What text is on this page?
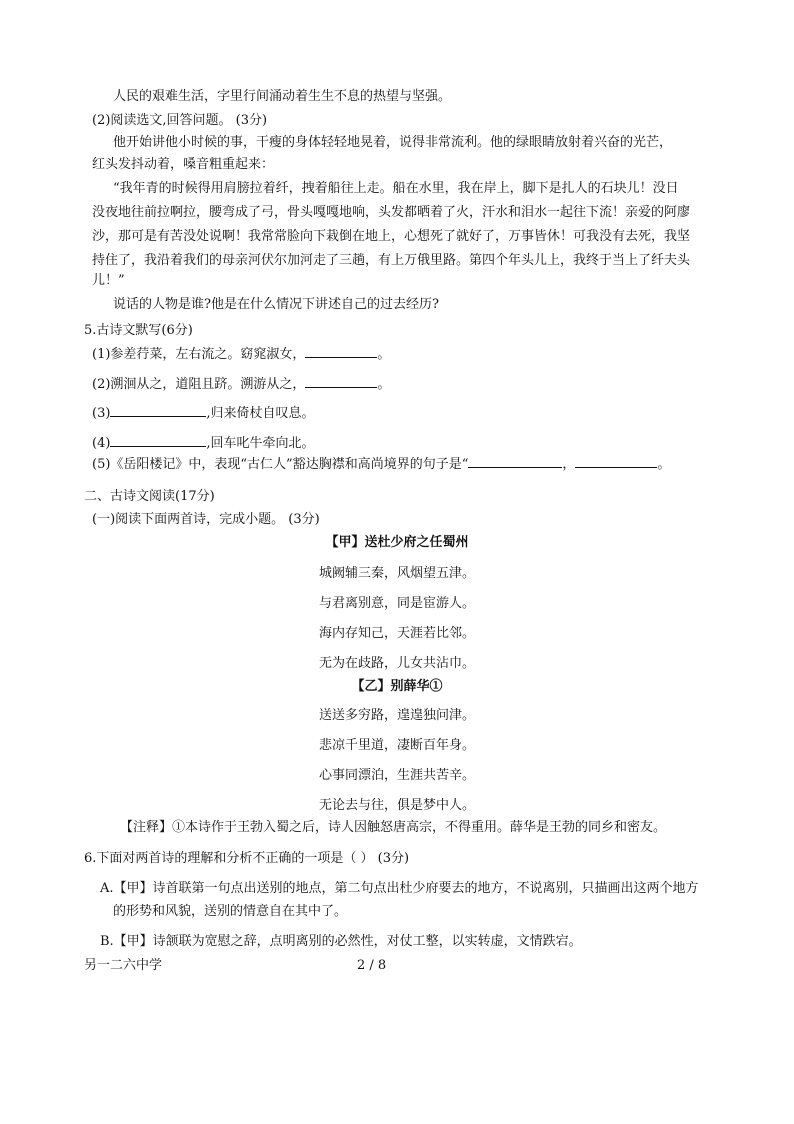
人民的艰难生活，字里行间涌动着生生不息的热望与坚强。
(2)阅读选文,回答问题。 (3分)
他开始讲他小时候的事，干瘦的身体轻轻地晃着，说得非常流利。他的绿眼睛放射着兴奋的光芒，
红头发抖动着，嗓音粗重起来：
“我年青的时候得用肩膀拉着纤，拽着船往上走。船在水里，我在岸上，脚下是扎人的石块儿！没日
没夜地往前拉啊拉，腰弯成了弓，骨头嘎嘎地响，头发都晒着了火，汗水和泪水一起往下流！亲爱的阿廖
沙，那可是有苦没处说啊！我常常脸向下栽倒在地上，心想死了就好了，万事皆休！可我没有去死，我坚
持住了，我沿着我们的母亲河伏尔加河走了三趟，有上万俄里路。第四个年头儿上，我终于当上了纤夫头
儿！”
说话的人物是谁?他是在什么情况下讲述自己的过去经历?
5.古诗文默写(6分)
(1)参差荇菜，左右流之。窈窕淑女，	。
(2)溯洄从之，道阻且跻。溯游从之，	。
(3)	,归来倚杖自叹息。
(4)	,回车叱牛牵向北。
(5)《岳阳楼记》中，表现“古仁人”豁达胸襟和高尚境界的句子是“	，	。
二、古诗文阅读(17分)
(一)阅读下面两首诗，完成小题。 (3分)
【甲】送杜少府之任蜀州
城阙辅三秦，风烟望五津。
与君离别意，同是宦游人。
海内存知己，天涯若比邻。
无为在歧路，儿女共沾巾。
【乙】别薛华①
送送多穷路，遑遑独问津。
悲凉千里道，凄断百年身。
心事同漂泊，生涯共苦辛。
无论去与往，俱是梦中人。
【注释】①本诗作于王勃入蜀之后，诗人因触怒唐高宗，不得重用。薛华是王勃的同乡和密友。
6.下面对两首诗的理解和分析不正确的一项是（ ） (3分)
A.【甲】诗首联第一句点出送别的地点，第二句点出杜少府要去的地方，不说离别，只描画出这两个地方
的形势和风貌，送别的情意自在其中了。
B.【甲】诗颔联为宽慰之辞，点明离别的必然性，对仗工整，以实转虚，文情跌宕。
另一二六中学	2 / 8
